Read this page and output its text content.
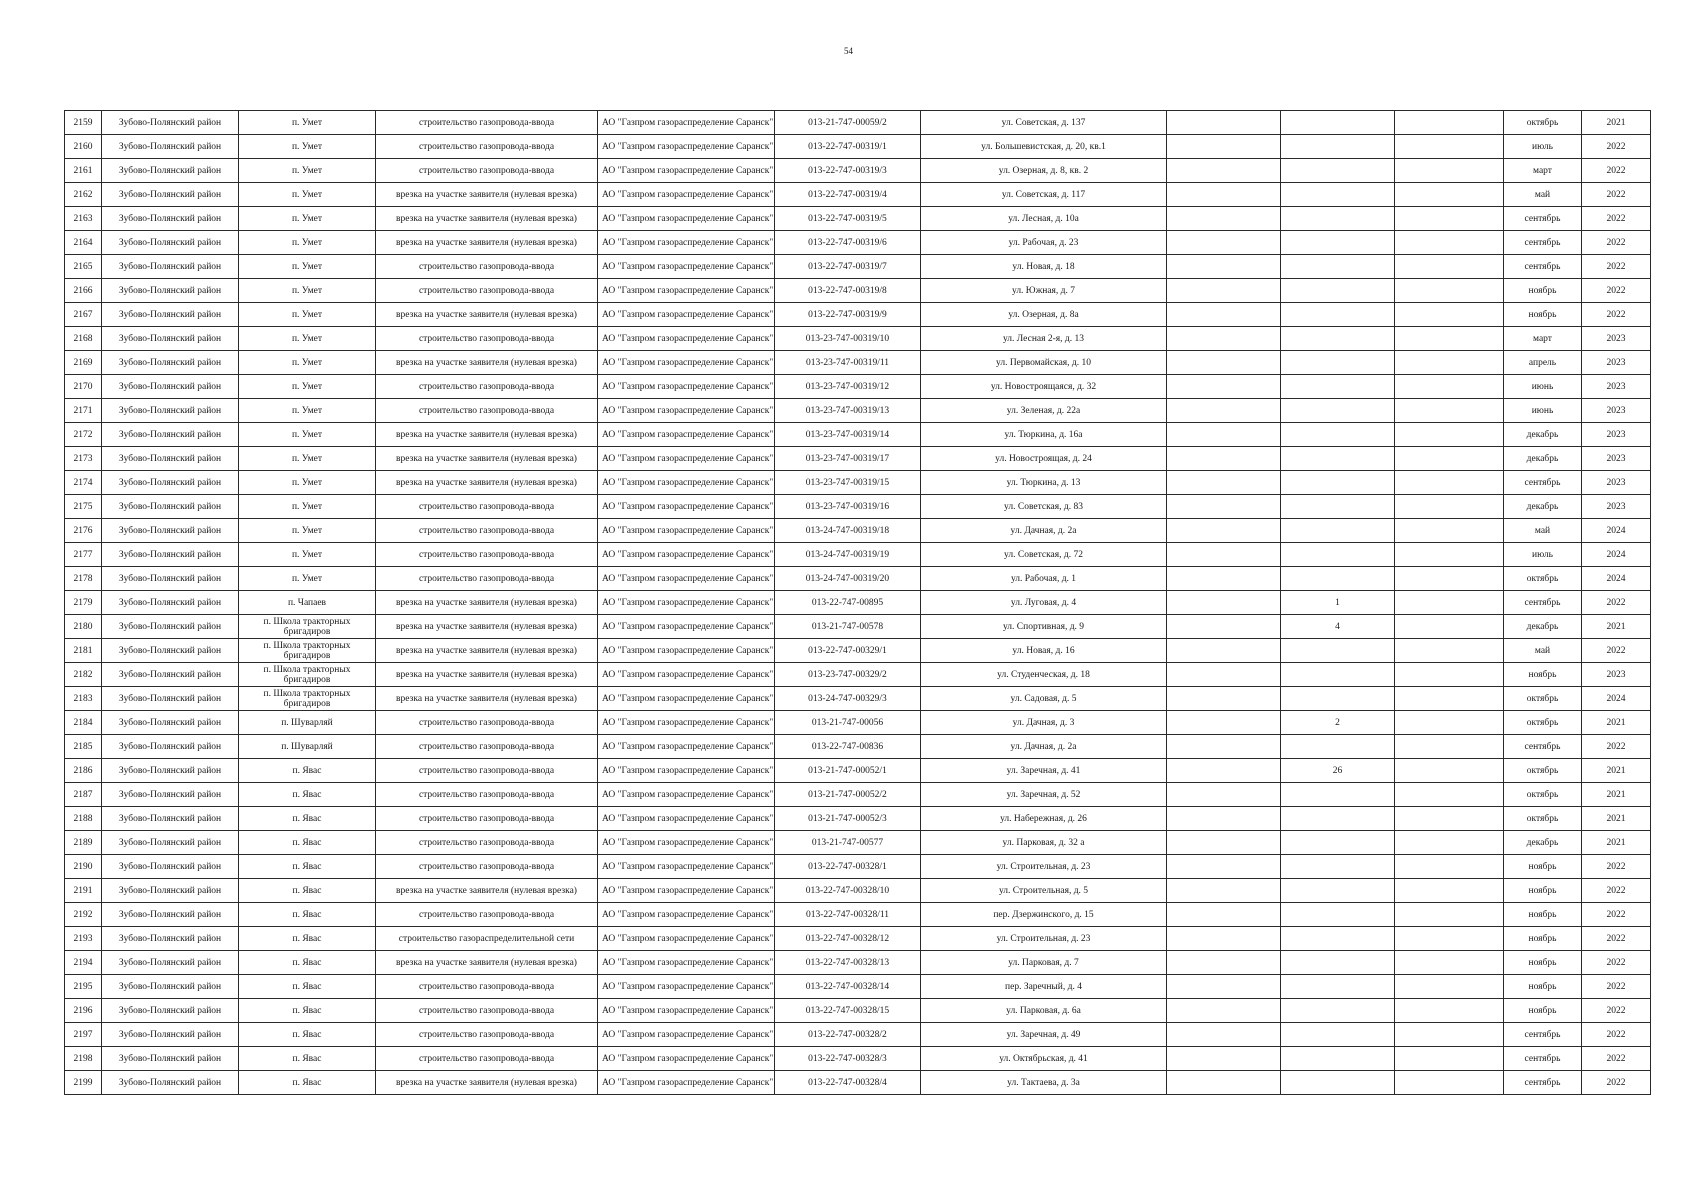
54
2159	Зубово-Полянский район	п. Умет	строительство газопровода-ввода	АО "Газпром газораспределение Саранск"	013-21-747-00059/2	ул. Советская, д. 137				октябрь	2021
2160	Зубово-Полянский район	п. Умет	строительство газопровода-ввода	АО "Газпром газораспределение Саранск"	013-22-747-00319/1	ул. Большевистская, д. 20, кв.1				июль	2022
2161	Зубово-Полянский район	п. Умет	строительство газопровода-ввода	АО "Газпром газораспределение Саранск"	013-22-747-00319/3	ул. Озерная, д. 8, кв. 2				март	2022
2162	Зубово-Полянский район	п. Умет	врезка на участке заявителя (нулевая врезка)	АО "Газпром газораспределение Саранск"	013-22-747-00319/4	ул. Советская, д. 117				май	2022
2163	Зубово-Полянский район	п. Умет	врезка на участке заявителя (нулевая врезка)	АО "Газпром газораспределение Саранск"	013-22-747-00319/5	ул. Лесная, д. 10а				сентябрь	2022
2164	Зубово-Полянский район	п. Умет	врезка на участке заявителя (нулевая врезка)	АО "Газпром газораспределение Саранск"	013-22-747-00319/6	ул. Рабочая, д. 23				сентябрь	2022
2165	Зубово-Полянский район	п. Умет	строительство газопровода-ввода	АО "Газпром газораспределение Саранск"	013-22-747-00319/7	ул. Новая, д. 18				сентябрь	2022
2166	Зубово-Полянский район	п. Умет	строительство газопровода-ввода	АО "Газпром газораспределение Саранск"	013-22-747-00319/8	ул. Южная, д. 7				ноябрь	2022
2167	Зубово-Полянский район	п. Умет	врезка на участке заявителя (нулевая врезка)	АО "Газпром газораспределение Саранск"	013-22-747-00319/9	ул. Озерная, д. 8а				ноябрь	2022
2168	Зубово-Полянский район	п. Умет	строительство газопровода-ввода	АО "Газпром газораспределение Саранск"	013-23-747-00319/10	ул. Лесная 2-я, д. 13				март	2023
2169	Зубово-Полянский район	п. Умет	врезка на участке заявителя (нулевая врезка)	АО "Газпром газораспределение Саранск"	013-23-747-00319/11	ул. Первомайская, д. 10				апрель	2023
2170	Зубово-Полянский район	п. Умет	строительство газопровода-ввода	АО "Газпром газораспределение Саранск"	013-23-747-00319/12	ул. Новостроящаяся, д. 32				июнь	2023
2171	Зубово-Полянский район	п. Умет	строительство газопровода-ввода	АО "Газпром газораспределение Саранск"	013-23-747-00319/13	ул. Зеленая, д. 22а				июнь	2023
2172	Зубово-Полянский район	п. Умет	врезка на участке заявителя (нулевая врезка)	АО "Газпром газораспределение Саранск"	013-23-747-00319/14	ул. Тюркина, д. 16а				декабрь	2023
2173	Зубово-Полянский район	п. Умет	врезка на участке заявителя (нулевая врезка)	АО "Газпром газораспределение Саранск"	013-23-747-00319/17	ул. Новостроящая, д. 24				декабрь	2023
2174	Зубово-Полянский район	п. Умет	врезка на участке заявителя (нулевая врезка)	АО "Газпром газораспределение Саранск"	013-23-747-00319/15	ул. Тюркина, д. 13				сентябрь	2023
2175	Зубово-Полянский район	п. Умет	строительство газопровода-ввода	АО "Газпром газораспределение Саранск"	013-23-747-00319/16	ул. Советская, д. 83				декабрь	2023
2176	Зубово-Полянский район	п. Умет	строительство газопровода-ввода	АО "Газпром газораспределение Саранск"	013-24-747-00319/18	ул. Дачная, д. 2а				май	2024
2177	Зубово-Полянский район	п. Умет	строительство газопровода-ввода	АО "Газпром газораспределение Саранск"	013-24-747-00319/19	ул. Советская, д. 72				июль	2024
2178	Зубово-Полянский район	п. Умет	строительство газопровода-ввода	АО "Газпром газораспределение Саранск"	013-24-747-00319/20	ул. Рабочая, д. 1				октябрь	2024
2179	Зубово-Полянский район	п. Чапаев	врезка на участке заявителя (нулевая врезка)	АО "Газпром газораспределение Саранск"	013-22-747-00895	ул. Луговая, д. 4		1		сентябрь	2022
2180	Зубово-Полянский район	п. Школа тракторных бригадиров	врезка на участке заявителя (нулевая врезка)	АО "Газпром газораспределение Саранск"	013-21-747-00578	ул. Спортивная, д. 9		4		декабрь	2021
2181	Зубово-Полянский район	п. Школа тракторных бригадиров	врезка на участке заявителя (нулевая врезка)	АО "Газпром газораспределение Саранск"	013-22-747-00329/1	ул. Новая, д. 16				май	2022
2182	Зубово-Полянский район	п. Школа тракторных бригадиров	врезка на участке заявителя (нулевая врезка)	АО "Газпром газораспределение Саранск"	013-23-747-00329/2	ул. Студенческая, д. 18				ноябрь	2023
2183	Зубово-Полянский район	п. Школа тракторных бригадиров	врезка на участке заявителя (нулевая врезка)	АО "Газпром газораспределение Саранск"	013-24-747-00329/3	ул. Садовая, д. 5				октябрь	2024
2184	Зубово-Полянский район	п. Шуварляй	строительство газопровода-ввода	АО "Газпром газораспределение Саранск"	013-21-747-00056	ул. Дачная, д. 3		2		октябрь	2021
2185	Зубово-Полянский район	п. Шуварляй	строительство газопровода-ввода	АО "Газпром газораспределение Саранск"	013-22-747-00836	ул. Дачная, д. 2а				сентябрь	2022
2186	Зубово-Полянский район	п. Явас	строительство газопровода-ввода	АО "Газпром газораспределение Саранск"	013-21-747-00052/1	ул. Заречная, д. 41		26		октябрь	2021
2187	Зубово-Полянский район	п. Явас	строительство газопровода-ввода	АО "Газпром газораспределение Саранск"	013-21-747-00052/2	ул. Заречная, д. 52				октябрь	2021
2188	Зубово-Полянский район	п. Явас	строительство газопровода-ввода	АО "Газпром газораспределение Саранск"	013-21-747-00052/3	ул. Набережная, д. 26				октябрь	2021
2189	Зубово-Полянский район	п. Явас	строительство газопровода-ввода	АО "Газпром газораспределение Саранск"	013-21-747-00577	ул. Парковая, д. 32 а				декабрь	2021
2190	Зубово-Полянский район	п. Явас	строительство газопровода-ввода	АО "Газпром газораспределение Саранск"	013-22-747-00328/1	ул. Строительная, д. 23				ноябрь	2022
2191	Зубово-Полянский район	п. Явас	врезка на участке заявителя (нулевая врезка)	АО "Газпром газораспределение Саранск"	013-22-747-00328/10	ул. Строительная, д. 5				ноябрь	2022
2192	Зубово-Полянский район	п. Явас	строительство газопровода-ввода	АО "Газпром газораспределение Саранск"	013-22-747-00328/11	пер. Дзержинского, д. 15				ноябрь	2022
2193	Зубово-Полянский район	п. Явас	строительство газораспределительной сети	АО "Газпром газораспределение Саранск"	013-22-747-00328/12	ул. Строительная, д. 23				ноябрь	2022
2194	Зубово-Полянский район	п. Явас	врезка на участке заявителя (нулевая врезка)	АО "Газпром газораспределение Саранск"	013-22-747-00328/13	ул. Парковая, д. 7				ноябрь	2022
2195	Зубово-Полянский район	п. Явас	строительство газопровода-ввода	АО "Газпром газораспределение Саранск"	013-22-747-00328/14	пер. Заречный, д. 4				ноябрь	2022
2196	Зубово-Полянский район	п. Явас	строительство газопровода-ввода	АО "Газпром газораспределение Саранск"	013-22-747-00328/15	ул. Парковая, д. 6а				ноябрь	2022
2197	Зубово-Полянский район	п. Явас	строительство газопровода-ввода	АО "Газпром газораспределение Саранск"	013-22-747-00328/2	ул. Заречная, д. 49				сентябрь	2022
2198	Зубово-Полянский район	п. Явас	строительство газопровода-ввода	АО "Газпром газораспределение Саранск"	013-22-747-00328/3	ул. Октябрьская, д. 41				сентябрь	2022
2199	Зубово-Полянский район	п. Явас	врезка на участке заявителя (нулевая врезка)	АО "Газпром газораспределение Саранск"	013-22-747-00328/4	ул. Тактаева, д. 3а				сентябрь	2022
